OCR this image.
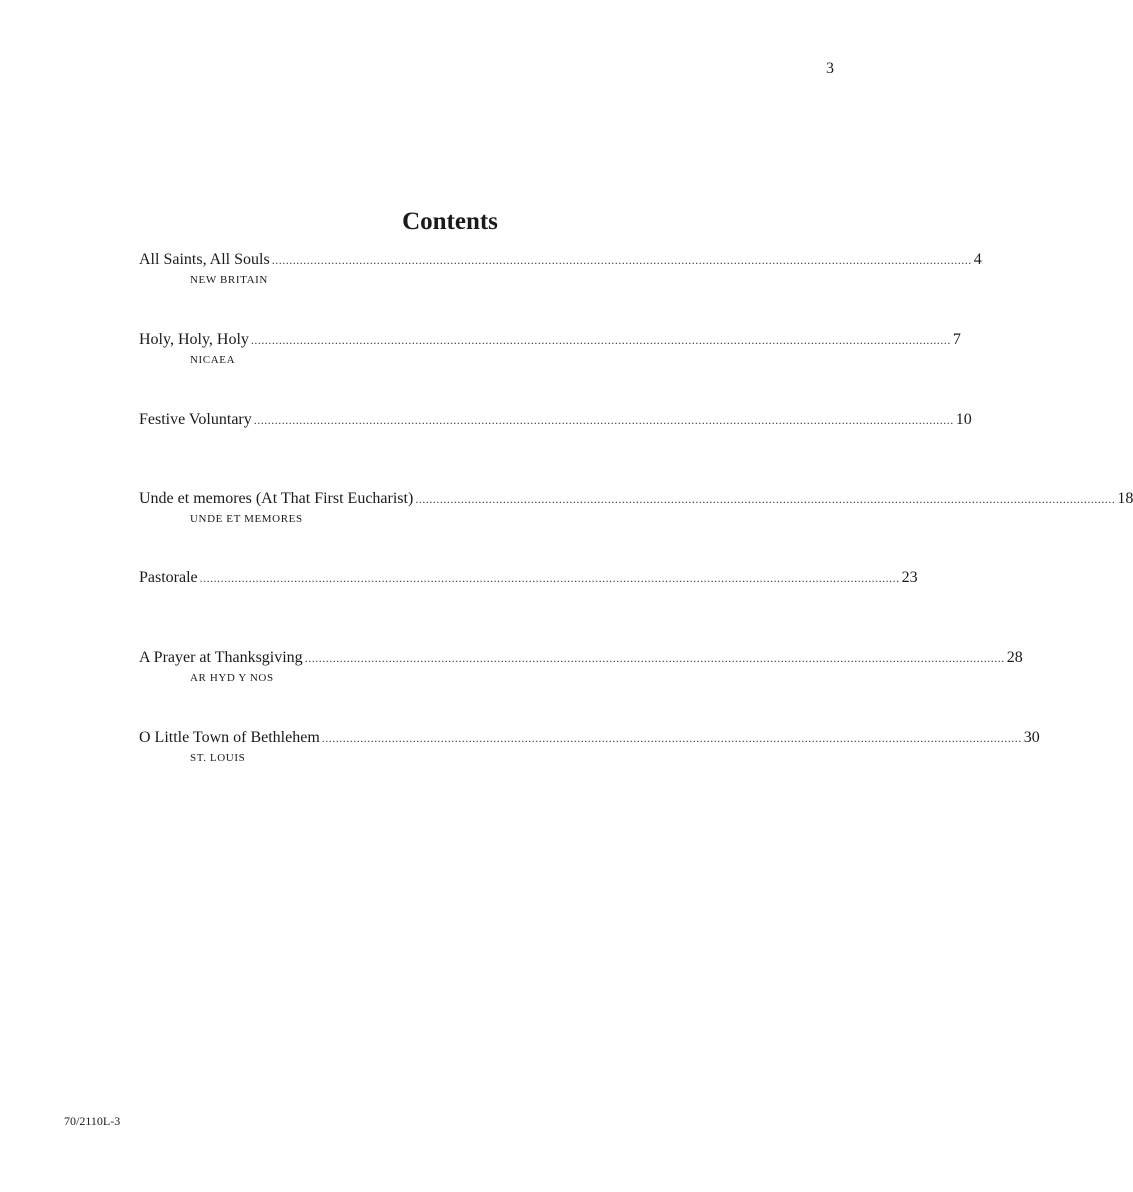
3
Contents
All Saints, All Souls ........................................................................................................................................................................................................ 4
NEW BRITAIN
Holy, Holy, Holy ........................................................................................................................................................................................................ 7
NICAEA
Festive Voluntary ........................................................................................................................................................................................................ 10
Unde et memores (At That First Eucharist) ........................................................................................................................................................................................................ 18
UNDE ET MEMORES
Pastorale ........................................................................................................................................................................................................ 23
A Prayer at Thanksgiving ........................................................................................................................................................................................................ 28
AR HYD Y NOS
O Little Town of Bethlehem ........................................................................................................................................................................................................ 30
ST. LOUIS
70/2110L-3
